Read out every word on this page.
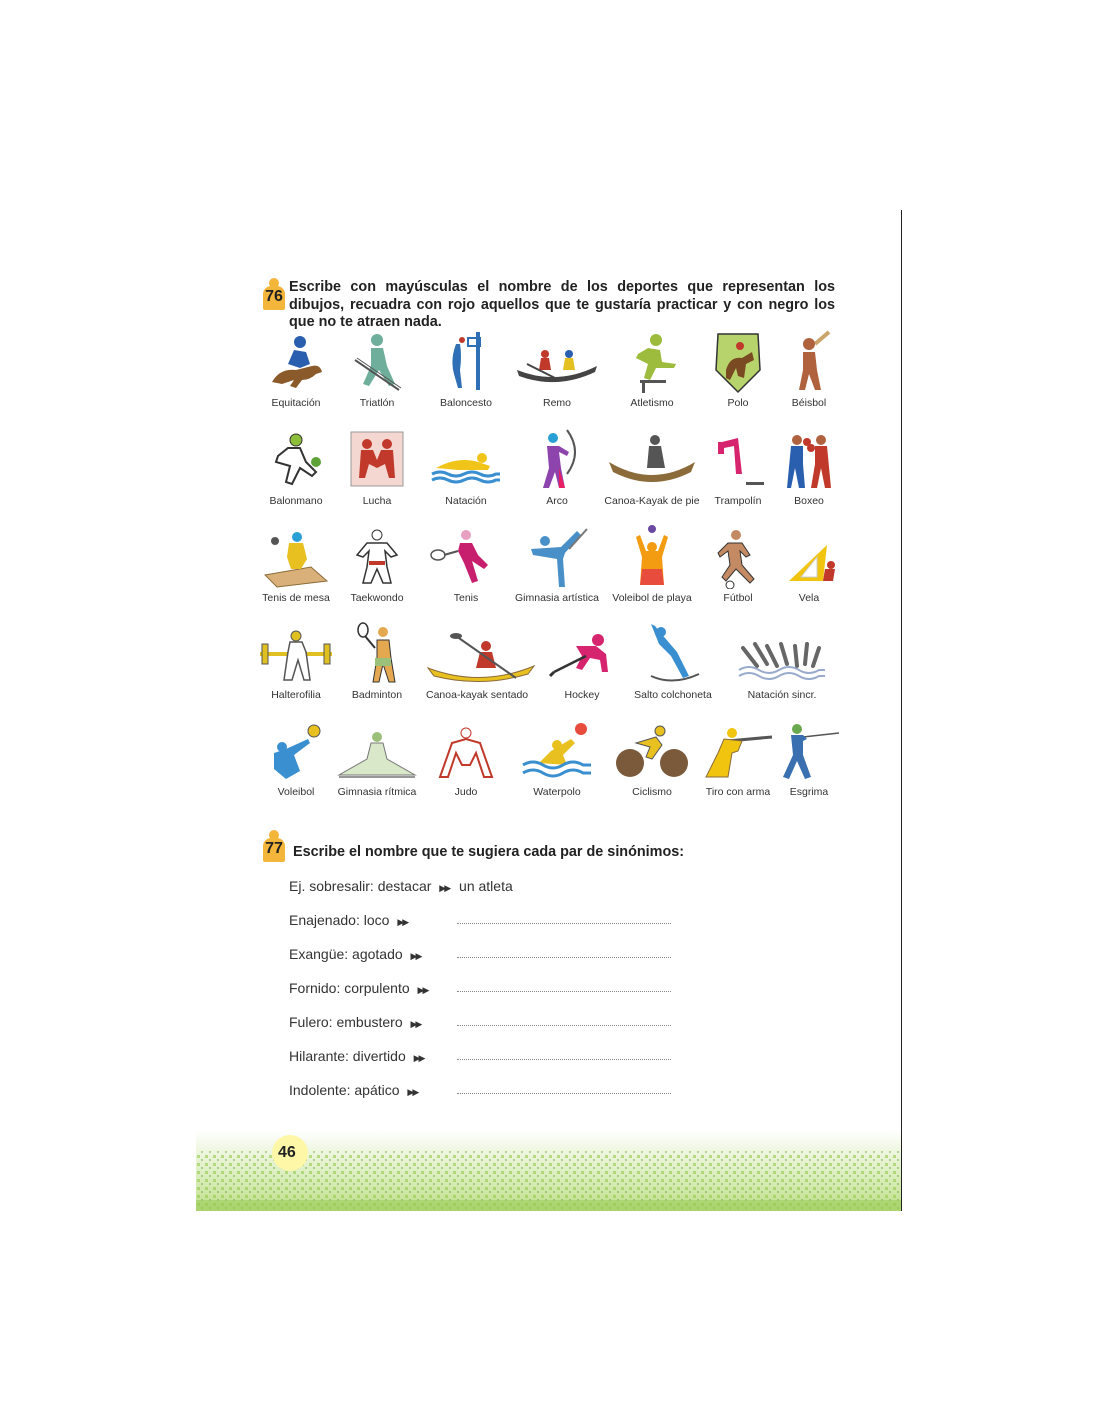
76
Escribe con mayúsculas el nombre de los deportes que representan los dibujos, recuadra con rojo aquellos que te gustaría practicar y con negro los que no te atraen nada.
Equitación	Triatlón	Baloncesto	Remo	Atletismo	Polo	Béisbol
Balonmano	Lucha	Natación	Arco	Canoa-Kayak de pie	Trampolín	Boxeo
Tenis de mesa	Taekwondo	Tenis	Gimnasia artística	Voleibol de playa	Fútbol	Vela
Halterofilia	Badminton	Canoa-kayak sentado	Hockey	Salto colchoneta	Natación sincr.
Voleibol	Gimnasia rítmica	Judo	Waterpolo	Ciclismo	Tiro con arma	Esgrima
77 Escribe el nombre que te sugiera cada par de sinónimos:
Ej. sobresalir: destacar ▶▶ un atleta
Enajenado: loco ▶▶
Exangüe: agotado ▶▶
Fornido: corpulento ▶▶
Fulero: embustero ▶▶
Hilarante: divertido ▶▶
Indolente: apático ▶▶
46
